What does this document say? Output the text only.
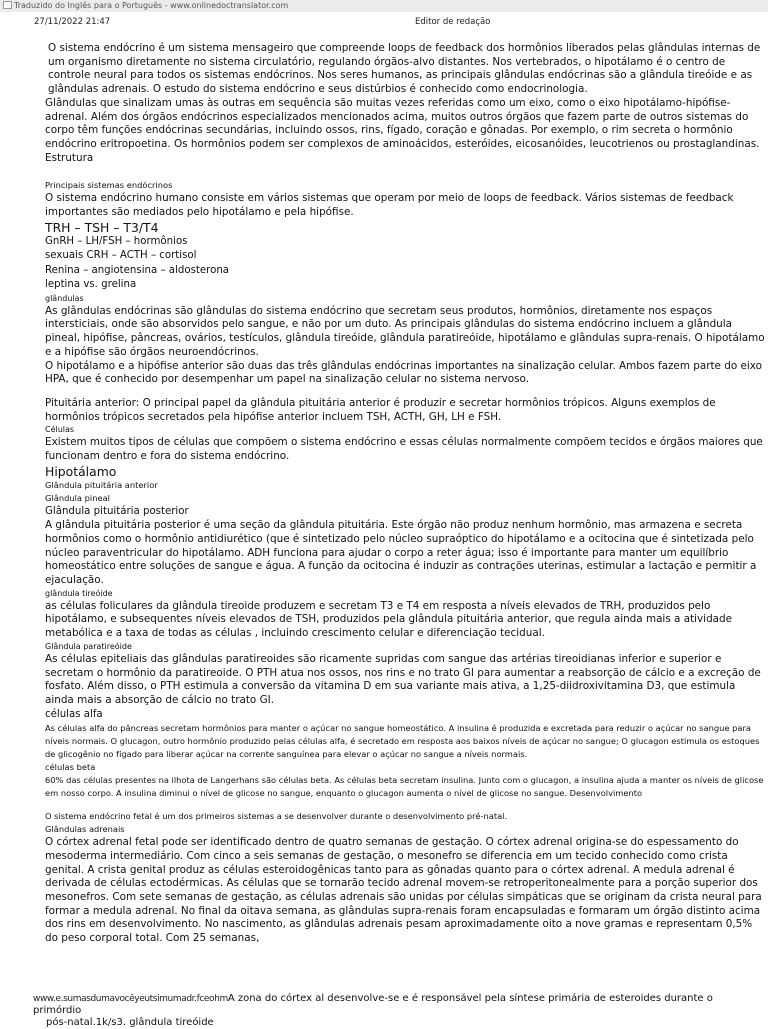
Traduzido do Inglês para o Português - www.onlinedoctranslator.com
27/11/2022 21:47	Editor de redação

O sistema endócrino é um sistema mensageiro que compreende loops de feedback dos hormônios liberados pelas glândulas internas de um organismo diretamente no sistema circulatório, regulando órgãos-alvo distantes. Nos vertebrados, o hipotálamo é o centro de controle neural para todos os sistemas endócrinos. Nos seres humanos, as principais glândulas endócrinas são a glândula tireóide e as glândulas adrenais. O estudo do sistema endócrino e seus distúrbios é conhecido como endocrinologia.

Glândulas que sinalizam umas às outras em sequência são muitas vezes referidas como um eixo, como o eixo hipotálamo-hipófise-adrenal. Além dos órgãos endócrinos especializados mencionados acima, muitos outros órgãos que fazem parte de outros sistemas do corpo têm funções endócrinas secundárias, incluindo ossos, rins, fígado, coração e gônadas. Por exemplo, o rim secreta o hormônio endócrino eritropoetina. Os hormônios podem ser complexos de aminoácidos, esteróides, eicosanóides, leucotrienos ou prostaglandinas. Estrutura

Principais sistemas endócrinos

O sistema endócrino humano consiste em vários sistemas que operam por meio de loops de feedback. Vários sistemas de feedback importantes são mediados pelo hipotálamo e pela hipófise.

TRH – TSH – T3/T4

GnRH – LH/FSH – hormônios

sexuais CRH – ACTH – cortisol

Renina – angiotensina – aldosterona

leptina vs. grelina

glândulas

As glândulas endócrinas são glândulas do sistema endócrino que secretam seus produtos, hormônios, diretamente nos espaços intersticiais, onde são absorvidos pelo sangue, e não por um duto. As principais glândulas do sistema endócrino incluem a glândula pineal, hipófise, pâncreas, ovários, testículos, glândula tireóide, glândula paratireóide, hipotálamo e glândulas supra-renais. O hipotálamo e a hipófise são órgãos neuroendócrinos.

O hipotálamo e a hipófise anterior são duas das três glândulas endócrinas importantes na sinalização celular. Ambos fazem parte do eixo HPA, que é conhecido por desempenhar um papel na sinalização celular no sistema nervoso.

Pituitária anterior: O principal papel da glândula pituitária anterior é produzir e secretar hormônios trópicos. Alguns exemplos de hormônios trópicos secretados pela hipófise anterior incluem TSH, ACTH, GH, LH e FSH.

Células

Existem muitos tipos de células que compõem o sistema endócrino e essas células normalmente compõem tecidos e órgãos maiores que funcionam dentro e fora do sistema endócrino.

Hipotálamo

Glândula pituitária anterior

Glândula pineal

Glândula pituitária posterior

A glândula pituitária posterior é uma seção da glândula pituitária. Este órgão não produz nenhum hormônio, mas armazena e secreta hormônios como o hormônio antidiurético (que é sintetizado pelo núcleo supraóptico do hipotálamo e a ocitocina que é sintetizada pelo núcleo paraventricular do hipotálamo. ADH funciona para ajudar o corpo a reter água; isso é importante para manter um equilíbrio homeostático entre soluções de sangue e água. A função da ocitocina é induzir as contrações uterinas, estimular a lactação e permitir a ejaculação.

glândula tireóide

as células foliculares da glândula tireoide produzem e secretam T3 e T4 em resposta a níveis elevados de TRH, produzidos pelo hipotálamo, e subsequentes níveis elevados de TSH, produzidos pela glândula pituitária anterior, que regula ainda mais a atividade metabólica e a taxa de todas as células , incluindo crescimento celular e diferenciação tecidual.

Glândula paratireóide

As células epiteliais das glândulas paratireoides são ricamente supridas com sangue das artérias tireoidianas inferior e superior e secretam o hormônio da paratireoide. O PTH atua nos ossos, nos rins e no trato GI para aumentar a reabsorção de cálcio e a excreção de fosfato. Além disso, o PTH estimula a conversão da vitamina D em sua variante mais ativa, a 1,25-diidroxivitamina D3, que estimula ainda mais a absorção de cálcio no trato GI.

células alfa

As células alfa do pâncreas secretam hormônios para manter o açúcar no sangue homeostático. A insulina é produzida e excretada para reduzir o açúcar no sangue para níveis normais. O glucagon, outro hormônio produzido pelas células alfa, é secretado em resposta aos baixos níveis de açúcar no sangue; O glucagon estimula os estoques de glicogênio no fígado para liberar açúcar na corrente sanguínea para elevar o açúcar no sangue a níveis normais.

células beta

60% das células presentes na ilhota de Langerhans são células beta. As células beta secretam insulina. Junto com o glucagon, a insulina ajuda a manter os níveis de glicose em nosso corpo. A insulina diminui o nível de glicose no sangue, enquanto o glucagon aumenta o nível de glicose no sangue. Desenvolvimento

O sistema endócrino fetal é um dos primeiros sistemas a se desenvolver durante o desenvolvimento pré-natal.

Glândulas adrenais

O córtex adrenal fetal pode ser identificado dentro de quatro semanas de gestação. O córtex adrenal origina-se do espessamento do mesoderma intermediário. Com cinco a seis semanas de gestação, o mesonefro se diferencia em um tecido conhecido como crista genital. A crista genital produz as células esteroidogênicas tanto para as gônadas quanto para o córtex adrenal. A medula adrenal é derivada de células ectodérmicas. As células que se tornarão tecido adrenal movem-se retroperitonealmente para a porção superior dos mesonefros. Com sete semanas de gestação, as células adrenais são unidas por células simpáticas que se originam da crista neural para formar a medula adrenal. No final da oitava semana, as glândulas supra-renais foram encapsuladas e formaram um órgão distinto acima dos rins em desenvolvimento. No nascimento, as glândulas adrenais pesam aproximadamente oito a nove gramas e representam 0,5% do peso corporal total. Com 25 semanas,

www.e.sumasdumavocêyeutsimumadr.fceohmA zona do córtex al desenvolve-se e é responsável pela síntese primária de esteroides durante o primórdio
pós-natal.1k/s3. glândula tireóide
